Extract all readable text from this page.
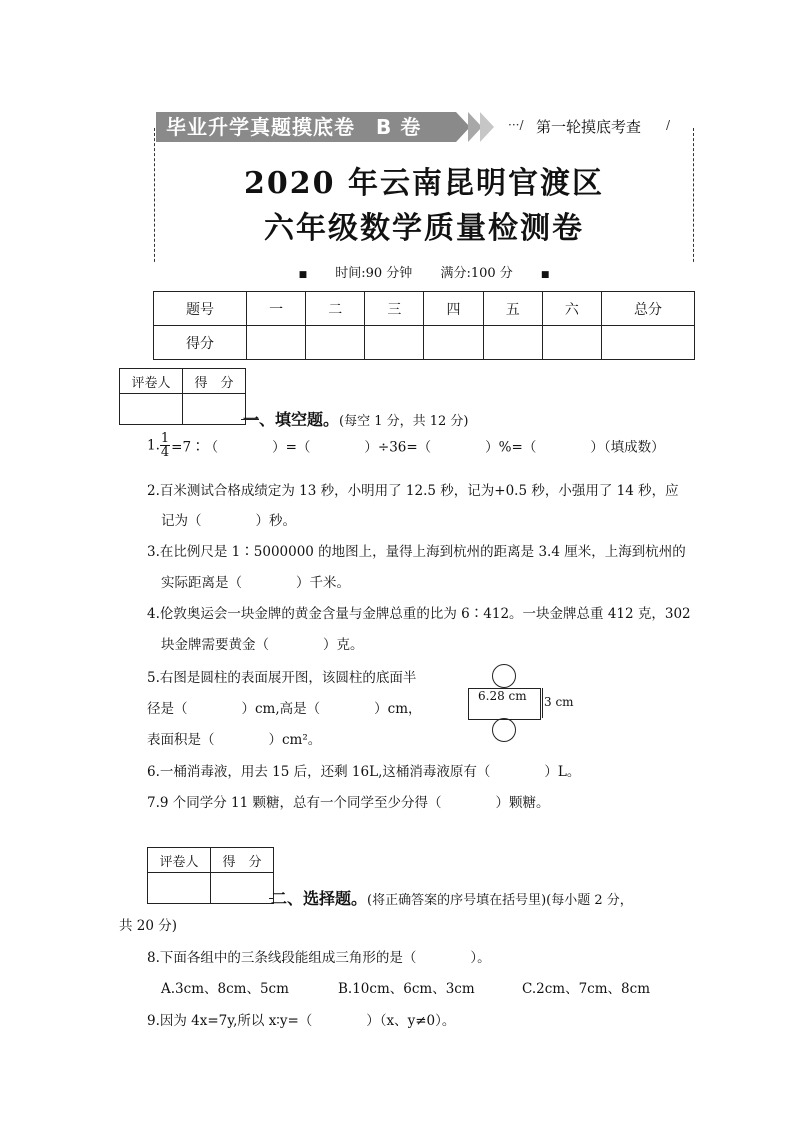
毕业升学真题摸底卷　B 卷	···/ 第一轮摸底考查 /
2020 年云南昆明官渡区
六年级数学质量检测卷
■ 时间:90 分钟 满分:100 分	■
题号	一	二	三	四	五	六	总分
得分							
评卷人	得　分

一、填空题。(每空 1 分，共 12 分)
1. $\frac{1}{4}$ =7∶（　　　　）=（　　　　）÷36=（　　　　）%=（　　　　）（填成数）
2.百米测试合格成绩定为 13 秒，小明用了 12.5 秒，记为+0.5 秒，小强用了 14 秒，应
记为（　　　　）秒。
3.在比例尺是 1∶5000000 的地图上，量得上海到杭州的距离是 3.4 厘米，上海到杭州的
实际距离是（　　　　）千米。
4.伦敦奥运会一块金牌的黄金含量与金牌总重的比为 6∶412。一块金牌总重 412 克，302
块金牌需要黄金（　　　　）克。
5.右图是圆柱的表面展开图，该圆柱的底面半
径是（　　　　）cm,高是（　　　　）cm，
表面积是（　　　　）cm²。
6.28 cm 3 cm
6.一桶消毒液，用去 15 后，还剩 16L,这桶消毒液原有（　　　　）L。
7.9 个同学分 11 颗糖，总有一个同学至少分得（　　　　）颗糖。
评卷人	得　分

二、选择题。(将正确答案的序号填在括号里)(每小题 2 分，
共 20 分)
8.下面各组中的三条线段能组成三角形的是（　　　　）。
A.3cm、8cm、5cm	B.10cm、6cm、3cm	C.2cm、7cm、8cm
9.因为 4x=7y,所以 x∶y=（　　　　）（x、y≠0）。
